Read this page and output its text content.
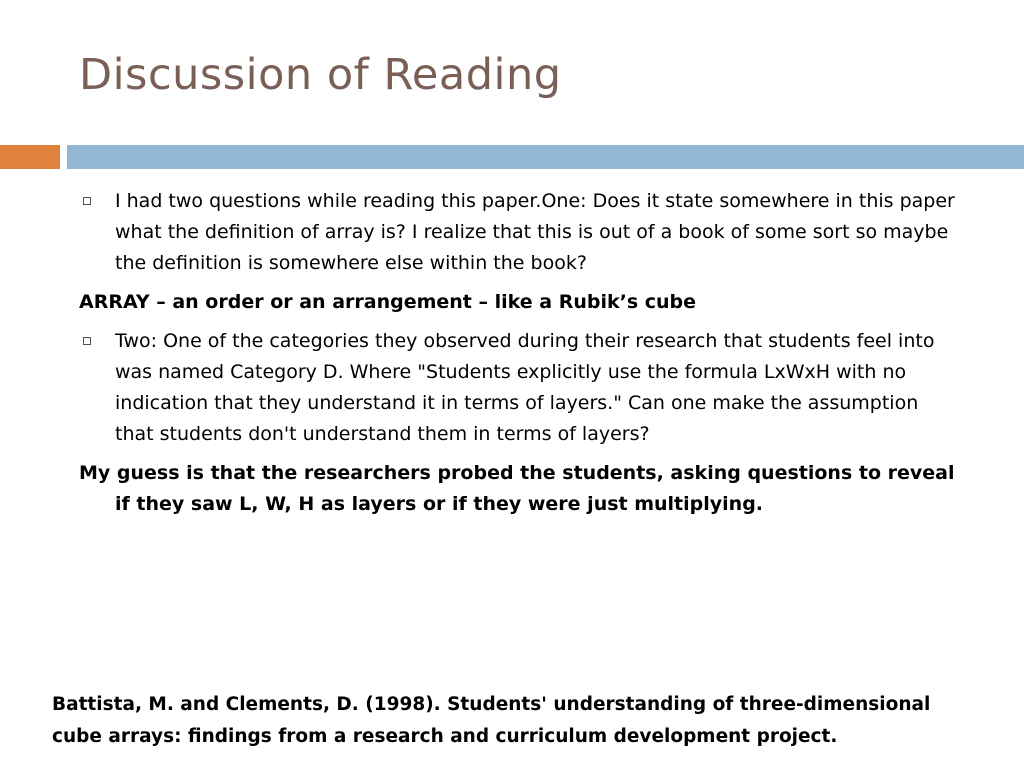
Discussion of Reading

I had two questions while reading this paper.One: Does it state somewhere in this paper what the definition of array is? I realize that this is out of a book of some sort so maybe the definition is somewhere else within the book?

ARRAY – an order or an arrangement – like a Rubik’s cube

Two: One of the categories they observed during their research that students feel into was named Category D. Where "Students explicitly use the formula LxWxH with no indication that they understand it in terms of layers." Can one make the assumption that students don't understand them in terms of layers?

My guess is that the researchers probed the students, asking questions to reveal if they saw L, W, H as layers or if they were just multiplying.

Battista, M. and Clements, D. (1998). Students' understanding of three-dimensional cube arrays: findings from a research and curriculum development project.
